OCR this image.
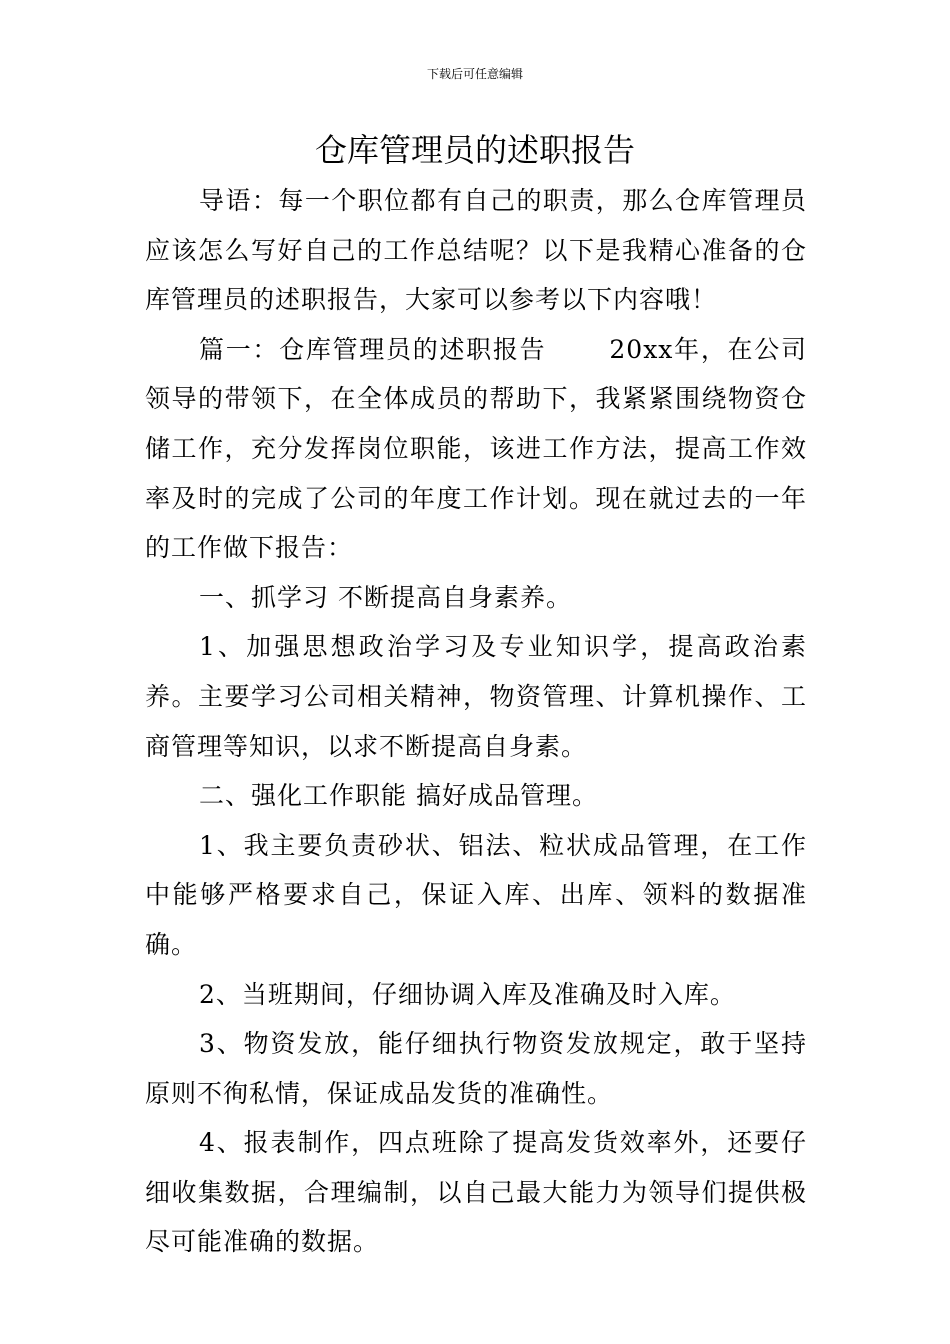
下载后可任意编辑
仓库管理员的述职报告

导语：每一个职位都有自己的职责，那么仓库管理员应该怎么写好自己的工作总结呢？以下是我精心准备的仓库管理员的述职报告，大家可以参考以下内容哦！

篇一：仓库管理员的述职报告　　 20xx年，在公司领导的带领下，在全体成员的帮助下，我紧紧围绕物资仓储工作，充分发挥岗位职能，该进工作方法，提高工作效率及时的完成了公司的年度工作计划。现在就过去的一年的工作做下报告：

一、抓学习 不断提高自身素养。

1、加强思想政治学习及专业知识学，提高政治素养。主要学习公司相关精神，物资管理、计算机操作、工商管理等知识，以求不断提高自身素。

二、强化工作职能 搞好成品管理。

1、我主要负责砂状、铝法、粒状成品管理，在工作中能够严格要求自己，保证入库、出库、领料的数据准确。

2、当班期间，仔细协调入库及准确及时入库。

3、物资发放，能仔细执行物资发放规定，敢于坚持原则不徇私情，保证成品发货的准确性。

4、报表制作，四点班除了提高发货效率外，还要仔细收集数据，合理编制，以自己最大能力为领导们提供极尽可能准确的数据。
